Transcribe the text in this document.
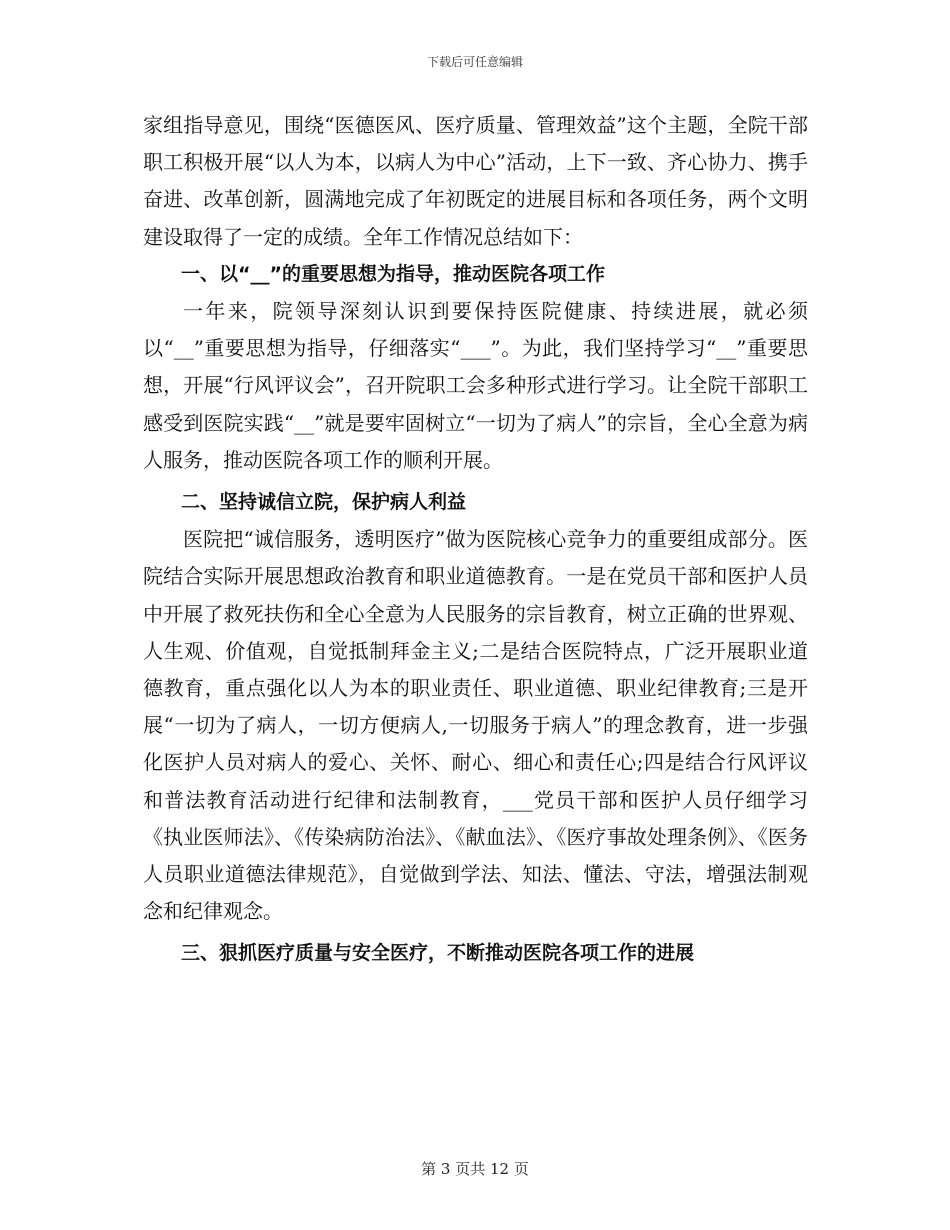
下载后可任意编辑

家组指导意见，围绕“医德医风、医疗质量、管理效益”这个主题，全院干部职工积极开展“以人为本，以病人为中心”活动，上下一致、齐心协力、携手奋进、改革创新，圆满地完成了年初既定的进展目标和各项任务，两个文明建设取得了一定的成绩。全年工作情况总结如下：

一、以“__”的重要思想为指导，推动医院各项工作

一年来，院领导深刻认识到要保持医院健康、持续进展，就必须以“__”重要思想为指导，仔细落实“___”。为此，我们坚持学习“__”重要思想，开展“行风评议会”，召开院职工会多种形式进行学习。让全院干部职工感受到医院实践“__”就是要牢固树立“一切为了病人”的宗旨，全心全意为病人服务，推动医院各项工作的顺利开展。

二、坚持诚信立院，保护病人利益

医院把“诚信服务，透明医疗”做为医院核心竞争力的重要组成部分。医院结合实际开展思想政治教育和职业道德教育。一是在党员干部和医护人员中开展了救死扶伤和全心全意为人民服务的宗旨教育，树立正确的世界观、人生观、价值观，自觉抵制拜金主义;二是结合医院特点，广泛开展职业道德教育，重点强化以人为本的职业责任、职业道德、职业纪律教育;三是开展“一切为了病人，一切方便病人,一切服务于病人”的理念教育，进一步强化医护人员对病人的爱心、关怀、耐心、细心和责任心;四是结合行风评议和普法教育活动进行纪律和法制教育，___党员干部和医护人员仔细学习《执业医师法》、《传染病防治法》、《献血法》、《医疗事故处理条例》、《医务人员职业道德法律规范》，自觉做到学法、知法、懂法、守法，增强法制观念和纪律观念。

三、狠抓医疗质量与安全医疗，不断推动医院各项工作的进展

第 3 页共 12 页
